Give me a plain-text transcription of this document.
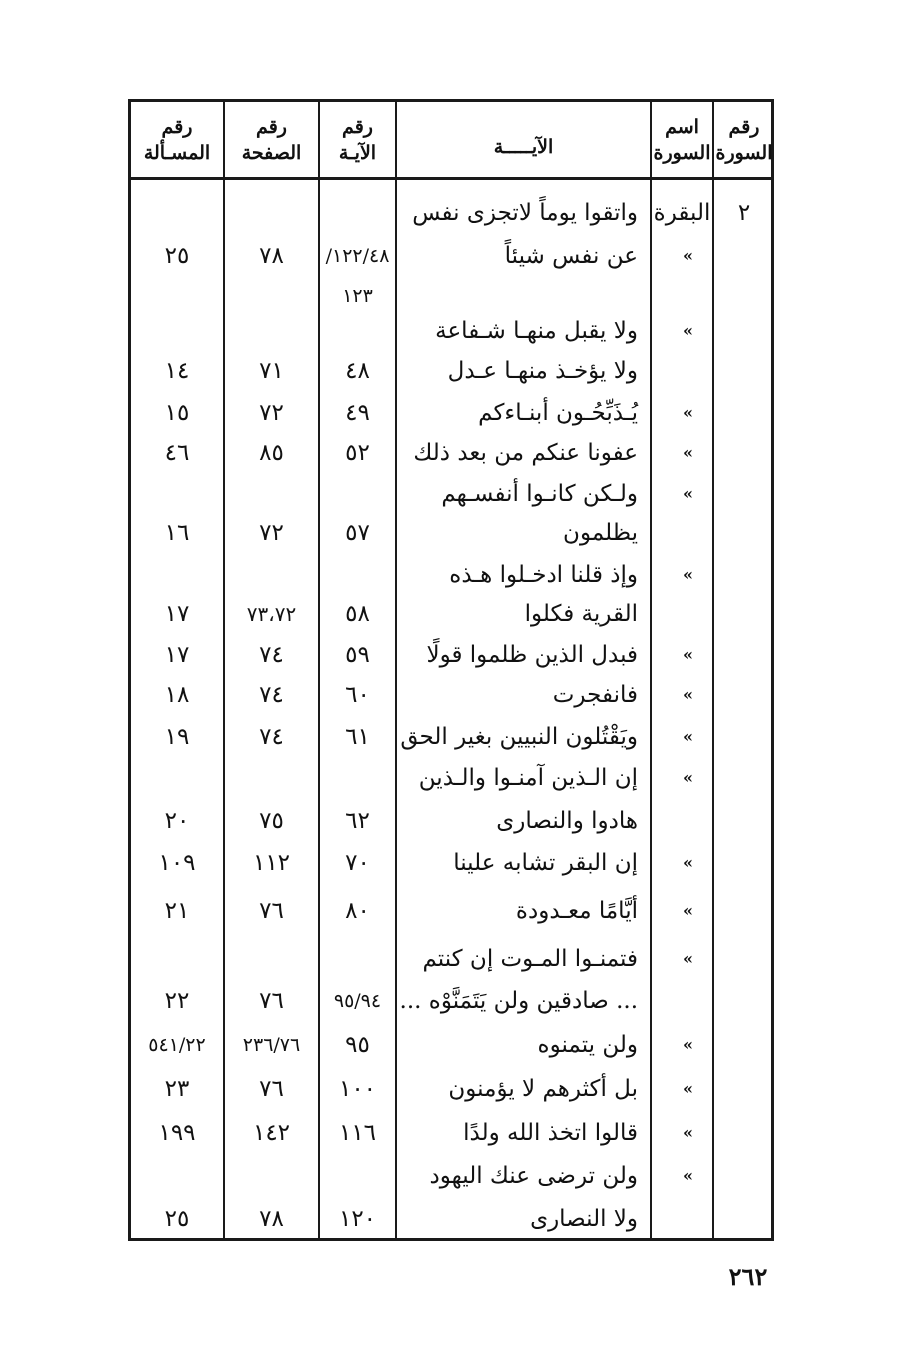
رقم
السورة
اسم
السورة
الآيـــــة
رقم
الآيـة
رقم
الصفحة
رقم
المسـألة
٢
البقرة
واتقوا يوماً لاتجزى نفس
»
عن نفس شيئاً
١٢٢/٤٨/
٧٨
٢٥
١٢٣
»
ولا يقبل منهـا شـفاعة
ولا يؤخـذ منهـا عـدل
٤٨
٧١
١٤
»
يُـذَبِّحُـون أبنـاءكم
٤٩
٧٢
١٥
»
عفونا عنكم من بعد ذلك
٥٢
٨٥
٤٦
»
ولـكن كانـوا أنفسـهم
يظلمون
٥٧
٧٢
١٦
»
وإذ قلنا ادخـلوا هـذه
القرية فكلوا
٥٨
٧٣،٧٢
١٧
»
فبدل الذين ظلموا قولًا
٥٩
٧٤
١٧
»
فانفجرت
٦٠
٧٤
١٨
»
ويَقْتُلون النبيين بغير الحق
٦١
٧٤
١٩
»
إن الـذين آمنـوا والـذين
هادوا والنصارى
٦٢
٧٥
٢٠
»
إن البقر تشابه علينا
٧٠
١١٢
١٠٩
»
أيَّامًا معـدودة
٨٠
٧٦
٢١
»
فتمنـوا المـوت إن كنتم
... صادقين ولن يَتَمَنَّوْه ...
٩٥/٩٤
٧٦
٢٢
»
ولن يتمنوه
٩٥
٢٣٦/٧٦
٥٤١/٢٢
»
بل أكثرهم لا يؤمنون
١٠٠
٧٦
٢٣
»
قالوا اتخذ الله ولدًا
١١٦
١٤٢
١٩٩
»
ولن ترضى عنك اليهود
ولا النصارى
١٢٠
٧٨
٢٥
٢٦٢
